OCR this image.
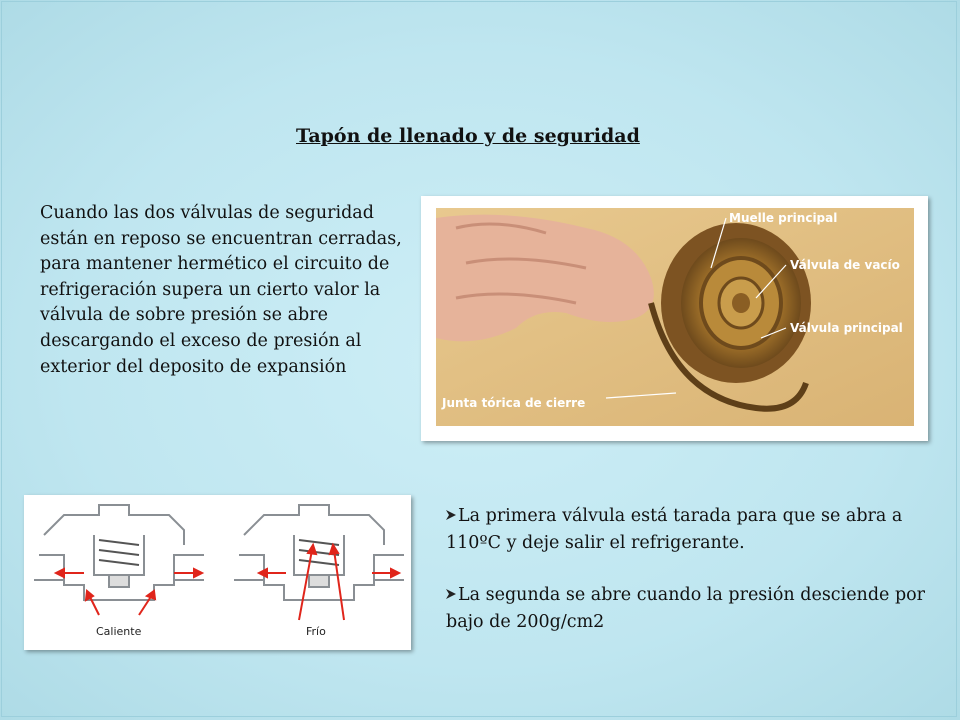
Tapón de llenado y de seguridad
Cuando las dos válvulas de seguridad están en reposo se encuentran cerradas, para mantener hermético el circuito de refrigeración supera un cierto valor la válvula de sobre presión se abre descargando el exceso de presión al exterior del deposito de expansión
Muelle principal
Válvula de vacío
Válvula principal
Junta tórica de cierre
Caliente	Frío
La primera válvula está tarada para que se abra a 110ºC y deje salir el refrigerante.
La segunda se abre cuando la presión desciende por bajo de 200g/cm2
